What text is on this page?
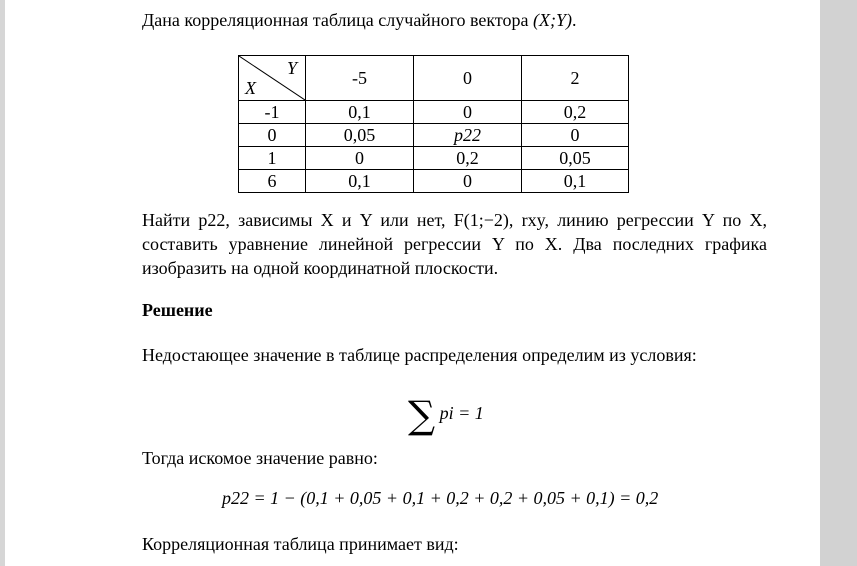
Дана корреляционная таблица случайного вектора (X;Y).
Y
X	-5	0	2
-1	0,1	0	0,2
0	0,05	p22	0
1	0	0,2	0,05
6	0,1	0	0,1
Найти p22, зависимы X и Y или нет, F(1;−2), rxy, линию регрессии Y по X,
составить уравнение линейной регрессии Y по X. Два последних графика
изобразить на одной координатной плоскости.
Решение
Недостающее значение в таблице распределения определим из условия:
∑ pi = 1
Тогда искомое значение равно:
p22 = 1 − (0,1 + 0,05 + 0,1 + 0,2 + 0,2 + 0,05 + 0,1) = 0,2
Корреляционная таблица принимает вид:
